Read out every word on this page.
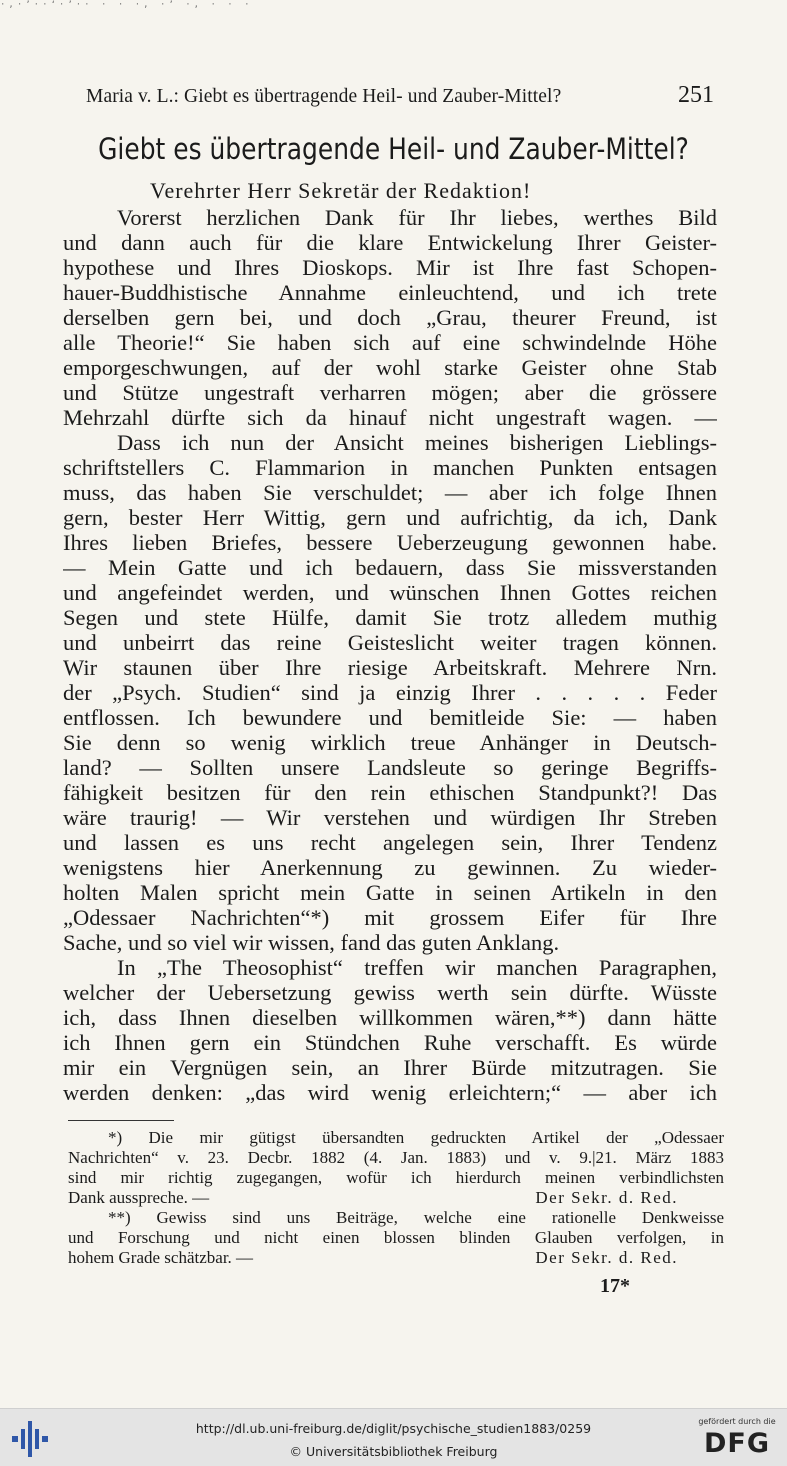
·,·ʼ··ʻ·ʼ·· · · ·, ·ʼ ·, · · ·
Maria v. L.: Giebt es übertragende Heil- und Zauber-Mittel?	251
Giebt es übertragende Heil- und Zauber-Mittel?
Verehrter Herr Sekretär der Redaktion!
Vorerst herzlichen Dank für Ihr liebes, werthes Bild
und dann auch für die klare Entwickelung Ihrer Geister-
hypothese und Ihres Dioskops. Mir ist Ihre fast Schopen-
hauer-Buddhistische Annahme einleuchtend, und ich trete
derselben gern bei, und doch „Grau, theurer Freund, ist
alle Theorie!“ Sie haben sich auf eine schwindelnde Höhe
emporgeschwungen, auf der wohl starke Geister ohne Stab
und Stütze ungestraft verharren mögen; aber die grössere
Mehrzahl dürfte sich da hinauf nicht ungestraft wagen. —
Dass ich nun der Ansicht meines bisherigen Lieblings-
schriftstellers C. Flammarion in manchen Punkten entsagen
muss, das haben Sie verschuldet; — aber ich folge Ihnen
gern, bester Herr Wittig, gern und aufrichtig, da ich, Dank
Ihres lieben Briefes, bessere Ueberzeugung gewonnen habe.
— Mein Gatte und ich bedauern, dass Sie missverstanden
und angefeindet werden, und wünschen Ihnen Gottes reichen
Segen und stete Hülfe, damit Sie trotz alledem muthig
und unbeirrt das reine Geisteslicht weiter tragen können.
Wir staunen über Ihre riesige Arbeitskraft. Mehrere Nrn.
der „Psych. Studien“ sind ja einzig Ihrer . . . . . Feder
entflossen. Ich bewundere und bemitleide Sie: — haben
Sie denn so wenig wirklich treue Anhänger in Deutsch-
land? — Sollten unsere Landsleute so geringe Begriffs-
fähigkeit besitzen für den rein ethischen Standpunkt?! Das
wäre traurig! — Wir verstehen und würdigen Ihr Streben
und lassen es uns recht angelegen sein, Ihrer Tendenz
wenigstens hier Anerkennung zu gewinnen. Zu wieder-
holten Malen spricht mein Gatte in seinen Artikeln in den
„Odessaer Nachrichten“*) mit grossem Eifer für Ihre
Sache, und so viel wir wissen, fand das guten Anklang.
In „The Theosophist“ treffen wir manchen Paragraphen,
welcher der Uebersetzung gewiss werth sein dürfte. Wüsste
ich, dass Ihnen dieselben willkommen wären,**) dann hätte
ich Ihnen gern ein Stündchen Ruhe verschafft. Es würde
mir ein Vergnügen sein, an Ihrer Bürde mitzutragen. Sie
werden denken: „das wird wenig erleichtern;“ — aber ich
*) Die mir gütigst übersandten gedruckten Artikel der „Odessaer
Nachrichten“ v. 23. Decbr. 1882 (4. Jan. 1883) und v. 9.|21. März 1883
sind mir richtig zugegangen, wofür ich hierdurch meinen verbindlichsten
Dank ausspreche. —	Der Sekr. d. Red.
**) Gewiss sind uns Beiträge, welche eine rationelle Denkweisse
und Forschung und nicht einen blossen blinden Glauben verfolgen, in
hohem Grade schätzbar. —	Der Sekr. d. Red.
17*
http://dl.ub.uni-freiburg.de/diglit/psychische_studien1883/0259
© Universitätsbibliothek Freiburg
gefördert durch die
DFG
